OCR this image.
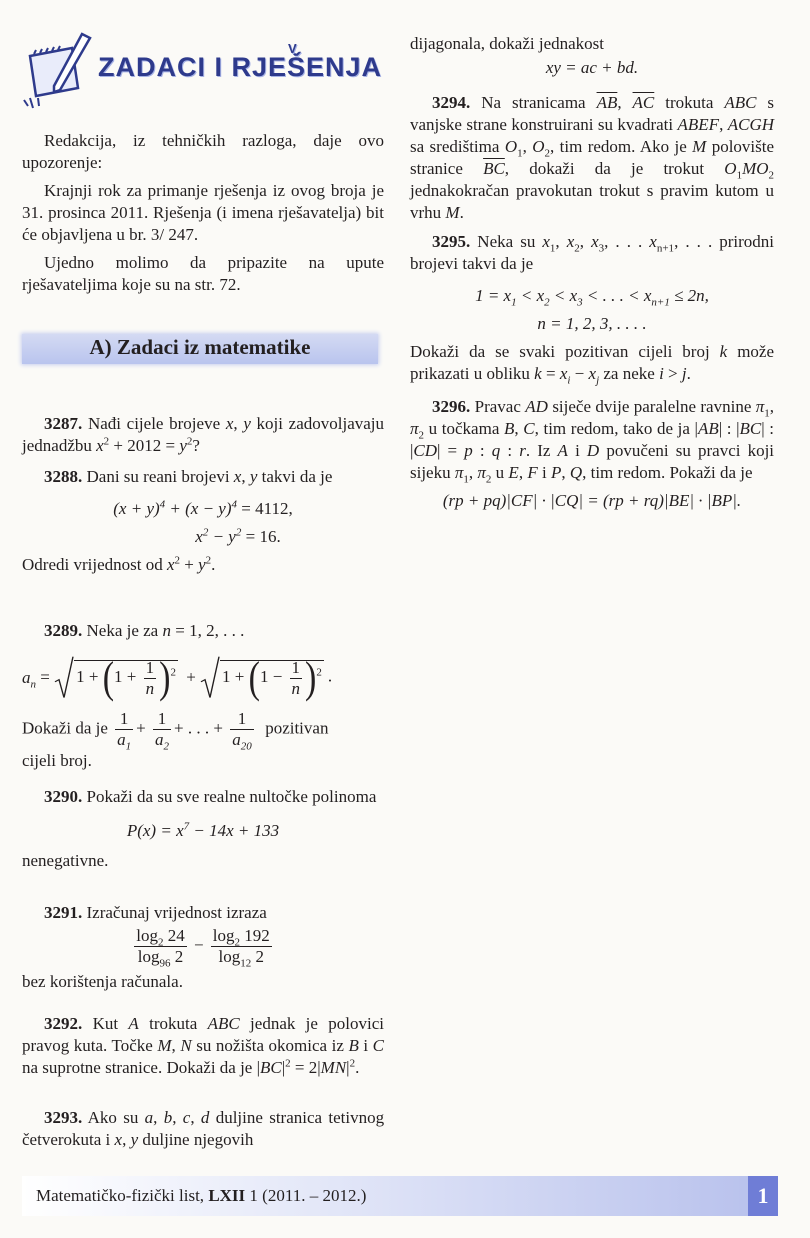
V
ZADACI I RJEŠENJA

Redakcija, iz tehničkih razloga, daje ovo upozorenje:

Krajnji rok za primanje rješenja iz ovog broja je 31. prosinca 2011. Rješenja (i imena rješavatelja) bit će objavljena u br. 3/ 247.

Ujedno molimo da pripazite na upute rješavateljima koje su na str. 72.

A) Zadaci iz matematike

3287. Nađi cijele brojeve x, y koji zadovoljavaju jednadžbu $x^2 + 2012 = y^2$?

3288. Dani su reani brojevi x, y takvi da je

$(x + y)^4 + (x - y)^4 = 4112$,

$x^2 - y^2 = 16$.

Odredi vrijednost od $x^2 + y^2$.

3289. Neka je za n = 1, 2, . . .

$a_n = 1 + (1 + \frac{1}{n} )^2 + 1 + (1 - \frac{1}{n} )^2$ .

Dokaži da je $\frac{1}{a_1} + \frac{1}{a_2}$ + . . . + $\frac{1}{a_{20}}$ pozitivan

cijeli broj.

3290. Pokaži da su sve realne nultočke polinoma

$P(x) = x^7 - 14x + 133$

nenegativne.

3291. Izračunaj vrijednost izraza

$\frac{\log_2 24}{\log_{96} 2} - \frac{\log_2 192}{\log_{12} 2}$

bez korištenja računala.

3292. Kut A trokuta ABC jednak je polovici pravog kuta. Točke M, N su nožišta okomica iz B i C na suprotne stranice. Dokaži da je $|BC|^2 = 2|MN|^2$.

3293. Ako su a, b, c, d duljine stranica tetivnog četverokuta i x, y duljine njegovih

dijagonala, dokaži jednakost

xy = ac + bd.

3294. Na stranicama $\overline{AB}$, $\overline{AC}$ trokuta ABC s vanjske strane konstruirani su kvadrati ABEF, ACGH sa središtima $O_1$, $O_2$, tim redom. Ako je M polovište stranice $\overline{BC}$, dokaži da je trokut $O_1MO_2$ jednakokračan pravokutan trokut s pravim kutom u vrhu M.

3295. Neka su $x_1$, $x_2$, $x_3$, . . . $x_{n+1}$, . . . prirodni brojevi takvi da je

$1 = x_1 < x_2 < x_3$ < . . . < $x_{n+1} \le 2n$,

n = 1, 2, 3, . . . .

Dokaži da se svaki pozitivan cijeli broj k može prikazati u obliku $k = x_i - x_j$ za neke i > j.

3296. Pravac AD siječe dvije paralelne ravnine $\pi_1$, $\pi_2$ u točkama B, C, tim redom, tako de ja |AB| : |BC| : |CD| = p : q : r. Iz A i D povučeni su pravci koji sijeku $\pi_1$, $\pi_2$ u E, F i P, Q, tim redom. Pokaži da je

(rp + pq)|CF| · |CQ| = (rp + rq)|BE| · |BP|.

Matematičko-fizički list, LXII 1 (2011. – 2012.)	1
